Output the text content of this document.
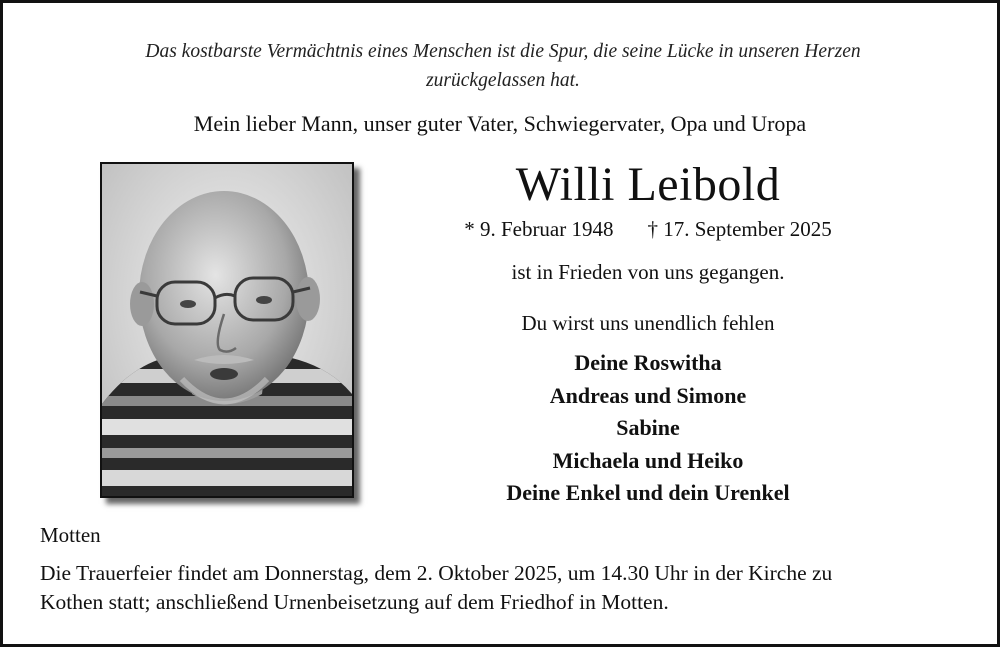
Das kostbarste Vermächtnis eines Menschen ist die Spur, die seine Lücke in unseren Herzen
zurückgelassen hat.
Mein lieber Mann, unser guter Vater, Schwiegervater, Opa und Uropa
Willi Leibold
* 9. Februar 1948 † 17. September 2025
ist in Frieden von uns gegangen.
Du wirst uns unendlich fehlen
Deine Roswitha
Andreas und Simone
Sabine
Michaela und Heiko
Deine Enkel und dein Urenkel
Motten
Die Trauerfeier findet am Donnerstag, dem 2. Oktober 2025, um 14.30 Uhr in der Kirche zu
Kothen statt; anschließend Urnenbeisetzung auf dem Friedhof in Motten.
